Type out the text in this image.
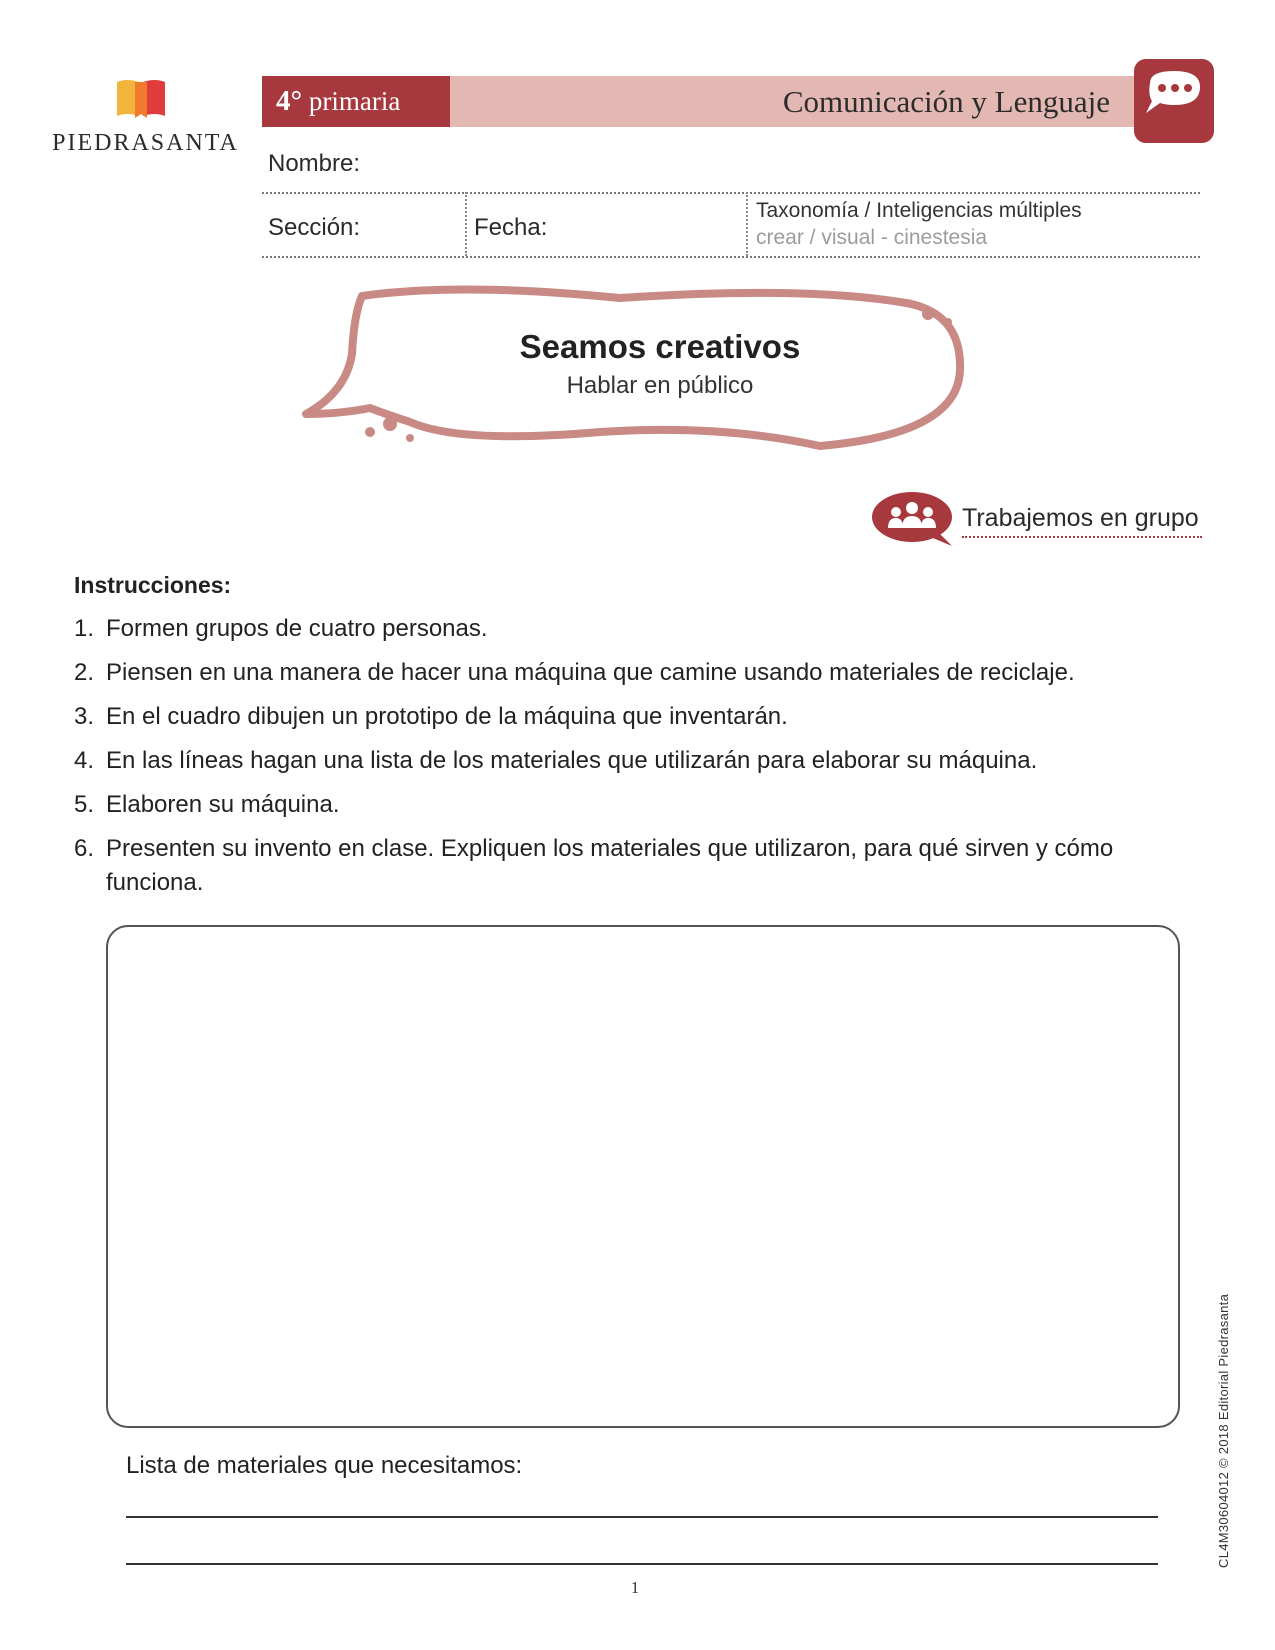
PIEDRASANTA
4° primaria	Comunicación y Lenguaje
Nombre:
Sección:	Fecha:
Taxonomía / Inteligencias múltiples
crear / visual - cinestesia
Seamos creativos
Hablar en público
Trabajemos en grupo
Instrucciones:
1. Formen grupos de cuatro personas.
2. Piensen en una manera de hacer una máquina que camine usando materiales de reciclaje.
3. En el cuadro dibujen un prototipo de la máquina que inventarán.
4. En las líneas hagan una lista de los materiales que utilizarán para elaborar su máquina.
5. Elaboren su máquina.
6. Presenten su invento en clase. Expliquen los materiales que utilizaron, para qué sirven y cómo funciona.
Lista de materiales que necesitamos:
1
CL4M30604012 © 2018 Editorial Piedrasanta
